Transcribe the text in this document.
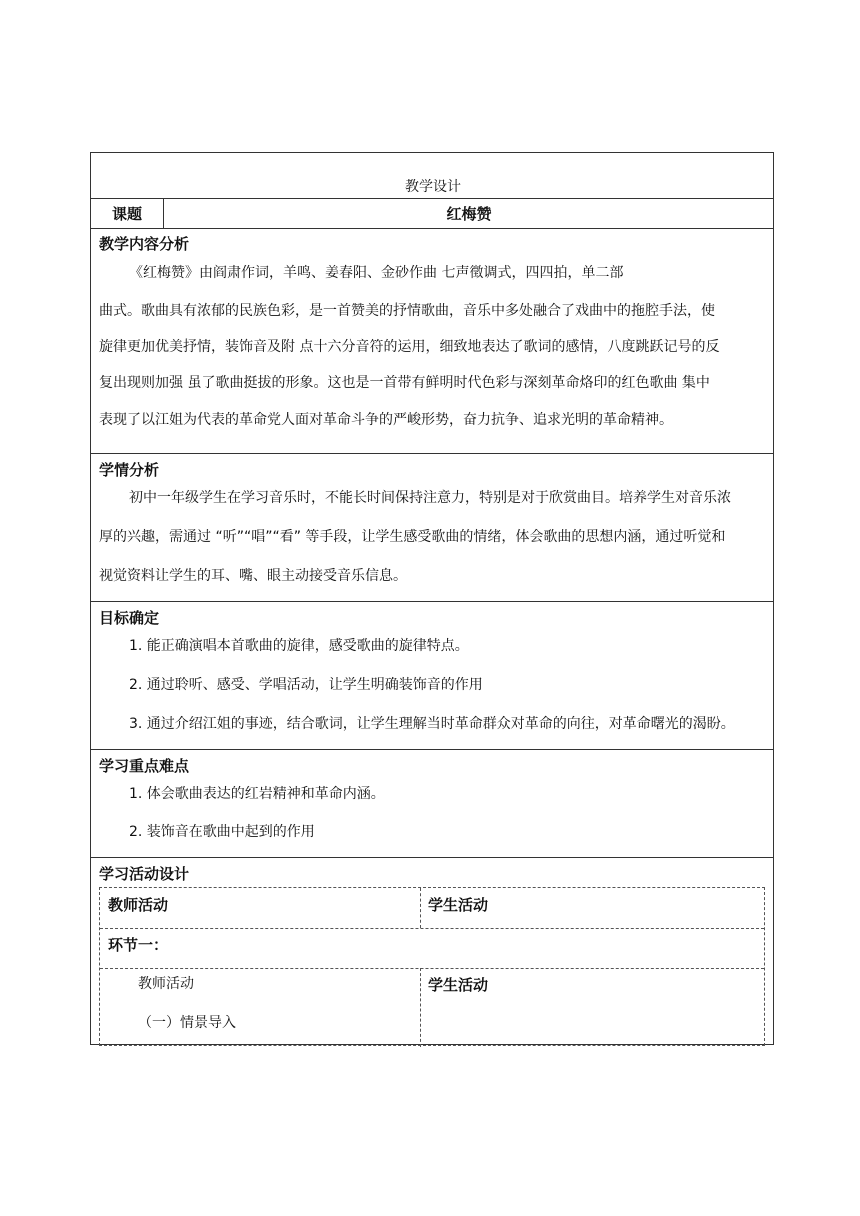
教学设计
课题	红梅赞
教学内容分析
《红梅赞》由阎肃作词，羊鸣、姜春阳、金砂作曲 七声徵调式，四四拍，单二部
曲式。歌曲具有浓郁的民族色彩，是一首赞美的抒情歌曲，音乐中多处融合了戏曲中的拖腔手法，使
旋律更加优美抒情，装饰音及附 点十六分音符的运用，细致地表达了歌词的感情，八度跳跃记号的反
复出现则加强 虽了歌曲挺拔的形象。这也是一首带有鲜明时代色彩与深刻革命烙印的红色歌曲 集中
表现了以江姐为代表的革命党人面对革命斗争的严峻形势，奋力抗争、追求光明的革命精神。
学情分析
初中一年级学生在学习音乐时，不能长时间保持注意力，特别是对于欣赏曲目。培养学生对音乐浓
厚的兴趣，需通过 “听”“唱”“看” 等手段，让学生感受歌曲的情绪，体会歌曲的思想内涵，通过听觉和
视觉资料让学生的耳、嘴、眼主动接受音乐信息。
目标确定
1. 能正确演唱本首歌曲的旋律，感受歌曲的旋律特点。
2. 通过聆听、感受、学唱活动，让学生明确装饰音的作用
3. 通过介绍江姐的事迹，结合歌词，让学生理解当时革命群众对革命的向往，对革命曙光的渴盼。
学习重点难点
1. 体会歌曲表达的红岩精神和革命内涵。
2. 装饰音在歌曲中起到的作用
学习活动设计
教师活动	学生活动
环节一：
教师活动
（一）情景导入
学生活动
